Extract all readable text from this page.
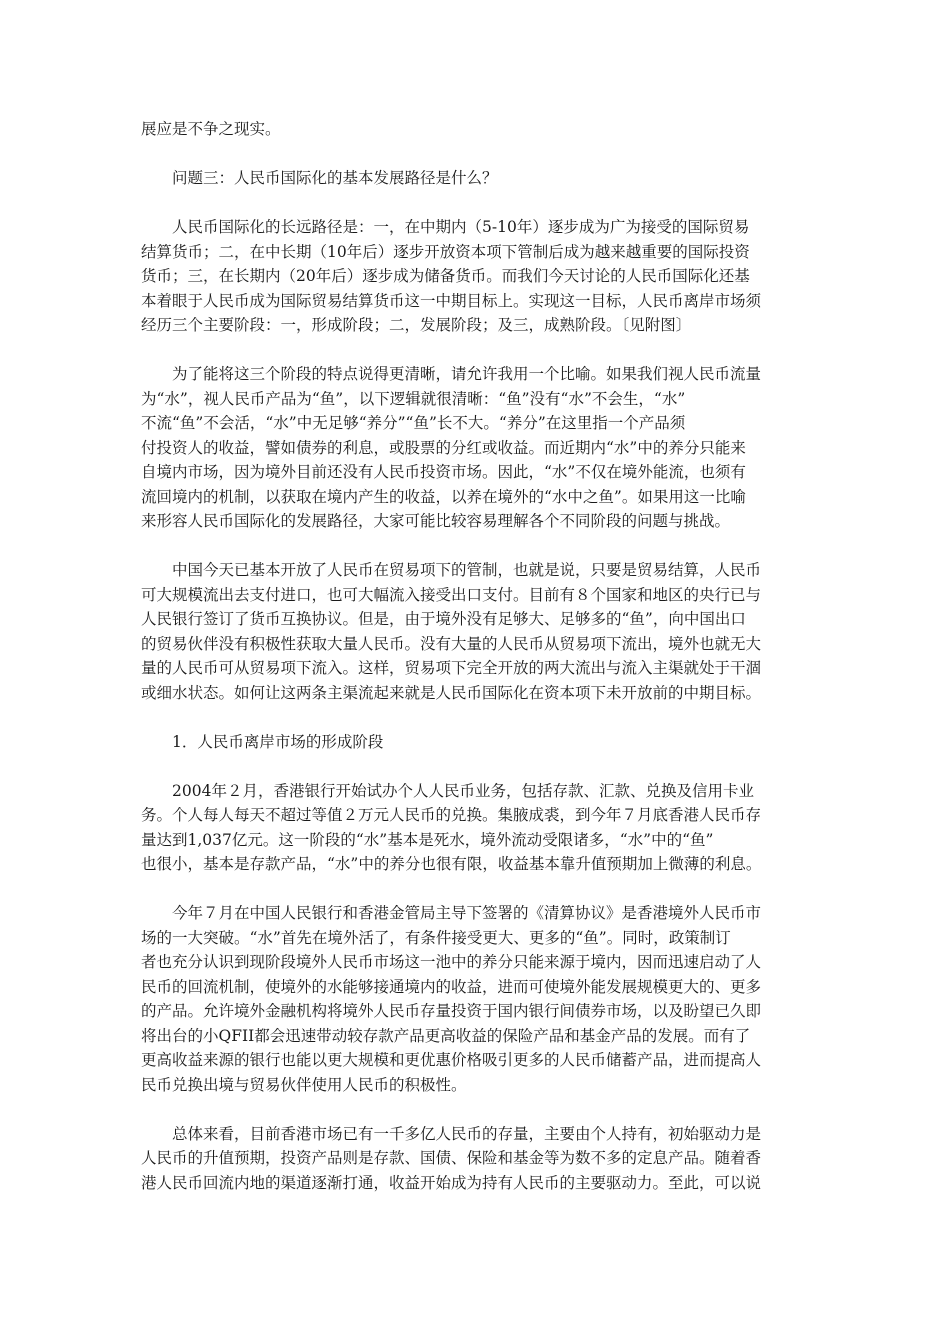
展应是不争之现实。

问题三：人民币国际化的基本发展路径是什么？

人民币国际化的长远路径是：一，在中期内（5-10年）逐步成为广为接受的国际贸易
结算货币；二，在中长期（10年后）逐步开放资本项下管制后成为越来越重要的国际投资
货币；三，在长期内（20年后）逐步成为储备货币。而我们今天讨论的人民币国际化还基
本着眼于人民币成为国际贸易结算货币这一中期目标上。实现这一目标，人民币离岸市场须
经历三个主要阶段：一，形成阶段；二，发展阶段；及三，成熟阶段。〔见附图〕

为了能将这三个阶段的特点说得更清晰，请允许我用一个比喻。如果我们视人民币流量
为“水”，视人民币产品为“鱼”，以下逻辑就很清晰：“鱼”没有“水”不会生，“水”
不流“鱼”不会活，“水”中无足够“养分”“鱼”长不大。“养分”在这里指一个产品须
付投资人的收益，譬如债券的利息，或股票的分红或收益。而近期内“水”中的养分只能来
自境内市场，因为境外目前还没有人民币投资市场。因此，“水”不仅在境外能流，也须有
流回境内的机制，以获取在境内产生的收益，以养在境外的“水中之鱼”。如果用这一比喻
来形容人民币国际化的发展路径，大家可能比较容易理解各个不同阶段的问题与挑战。

中国今天已基本开放了人民币在贸易项下的管制，也就是说，只要是贸易结算，人民币
可大规模流出去支付进口，也可大幅流入接受出口支付。目前有８个国家和地区的央行已与
人民银行签订了货币互换协议。但是，由于境外没有足够大、足够多的“鱼”，向中国出口
的贸易伙伴没有积极性获取大量人民币。没有大量的人民币从贸易项下流出，境外也就无大
量的人民币可从贸易项下流入。这样，贸易项下完全开放的两大流出与流入主渠就处于干涸
或细水状态。如何让这两条主渠流起来就是人民币国际化在资本项下未开放前的中期目标。

1．人民币离岸市场的形成阶段

2004年２月，香港银行开始试办个人人民币业务，包括存款、汇款、兑换及信用卡业
务。个人每人每天不超过等值２万元人民币的兑换。集腋成裘，到今年７月底香港人民币存
量达到1,037亿元。这一阶段的“水”基本是死水，境外流动受限诸多，“水”中的“鱼”
也很小，基本是存款产品，“水”中的养分也很有限，收益基本靠升值预期加上微薄的利息。

今年７月在中国人民银行和香港金管局主导下签署的《清算协议》是香港境外人民币市
场的一大突破。“水”首先在境外活了，有条件接受更大、更多的“鱼”。同时，政策制订
者也充分认识到现阶段境外人民币市场这一池中的养分只能来源于境内，因而迅速启动了人
民币的回流机制，使境外的水能够接通境内的收益，进而可使境外能发展规模更大的、更多
的产品。允许境外金融机构将境外人民币存量投资于国内银行间债券市场，以及盼望已久即
将出台的小QFII都会迅速带动较存款产品更高收益的保险产品和基金产品的发展。而有了
更高收益来源的银行也能以更大规模和更优惠价格吸引更多的人民币储蓄产品，进而提高人
民币兑换出境与贸易伙伴使用人民币的积极性。

总体来看，目前香港市场已有一千多亿人民币的存量，主要由个人持有，初始驱动力是
人民币的升值预期，投资产品则是存款、国债、保险和基金等为数不多的定息产品。随着香
港人民币回流内地的渠道逐渐打通，收益开始成为持有人民币的主要驱动力。至此，可以说
